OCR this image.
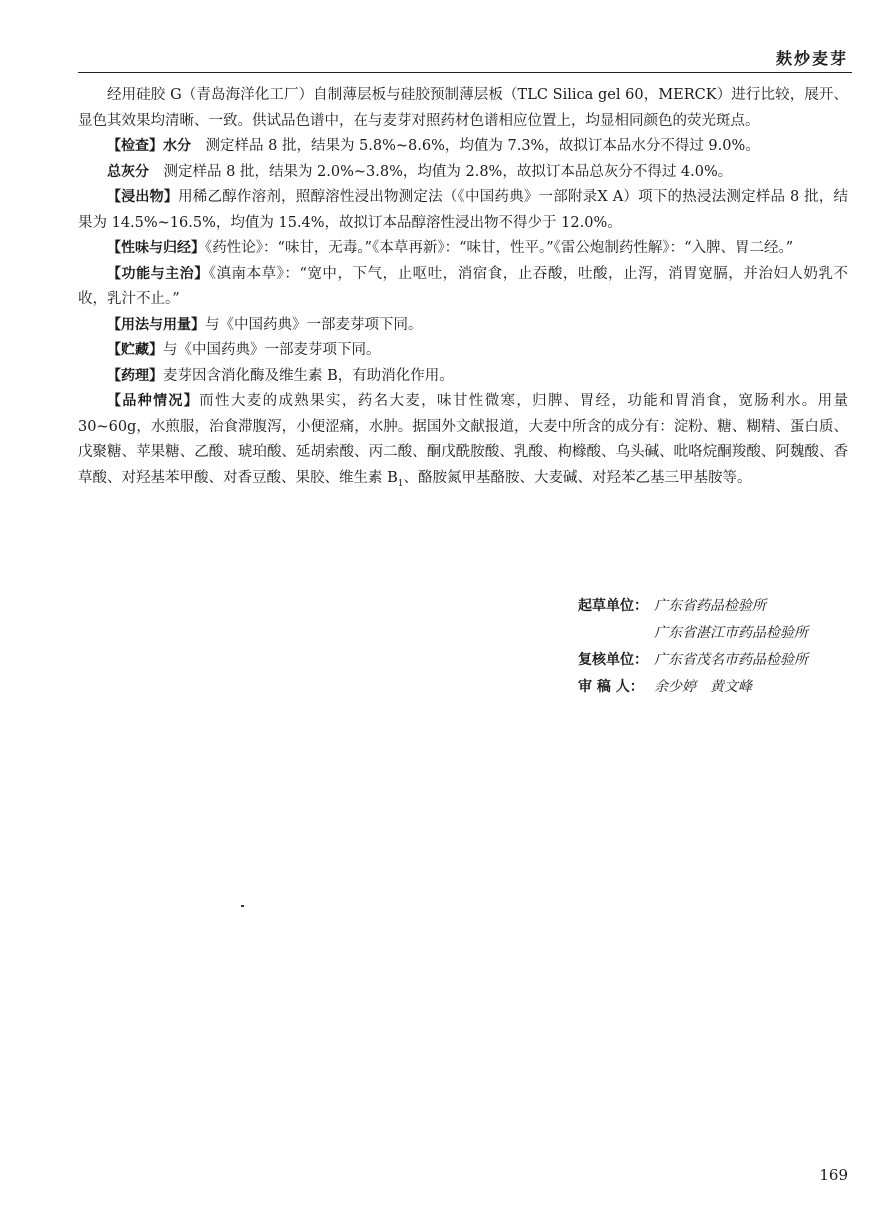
麸炒麦芽

经用硅胶 G（青岛海洋化工厂）自制薄层板与硅胶预制薄层板（TLC Silica gel 60，MERCK）进行比较，展开、显色其效果均清晰、一致。供试品色谱中，在与麦芽对照药材色谱相应位置上，均显相同颜色的荧光斑点。

【检查】水分　测定样品 8 批，结果为 5.8%~8.6%，均值为 7.3%，故拟订本品水分不得过 9.0%。

总灰分　测定样品 8 批，结果为 2.0%~3.8%，均值为 2.8%，故拟订本品总灰分不得过 4.0%。

【浸出物】用稀乙醇作溶剂，照醇溶性浸出物测定法（《中国药典》一部附录Ⅹ A）项下的热浸法测定样品 8 批，结果为 14.5%~16.5%，均值为 15.4%，故拟订本品醇溶性浸出物不得少于 12.0%。

【性味与归经】《药性论》：“味甘，无毒。”《本草再新》：“味甘，性平。”《雷公炮制药性解》：“入脾、胃二经。”

【功能与主治】《滇南本草》：“宽中，下气，止呕吐，消宿食，止吞酸，吐酸，止泻，消胃宽膈，并治妇人奶乳不收，乳汁不止。”

【用法与用量】与《中国药典》一部麦芽项下同。

【贮藏】与《中国药典》一部麦芽项下同。

【药理】麦芽因含消化酶及维生素 B，有助消化作用。

【品种情况】而性大麦的成熟果实，药名大麦，味甘性微寒，归脾、胃经，功能和胃消食，宽肠利水。用量 30~60g，水煎服，治食滞腹泻，小便涩痛，水肿。据国外文献报道，大麦中所含的成分有：淀粉、糖、糊精、蛋白质、戊聚糖、苹果糖、乙酸、琥珀酸、延胡索酸、丙二酸、酮戊酰胺酸、乳酸、枸橼酸、乌头碱、吡咯烷酮羧酸、阿魏酸、香草酸、对羟基苯甲酸、对香豆酸、果胶、维生素 $B_1$、酪胺氮甲基酪胺、大麦碱、对羟苯乙基三甲基胺等。

起草单位： 广东省药品检验所
广东省湛江市药品检验所
复核单位： 广东省茂名市药品检验所
审 稿 人： 余少婷　黄文峰
169
